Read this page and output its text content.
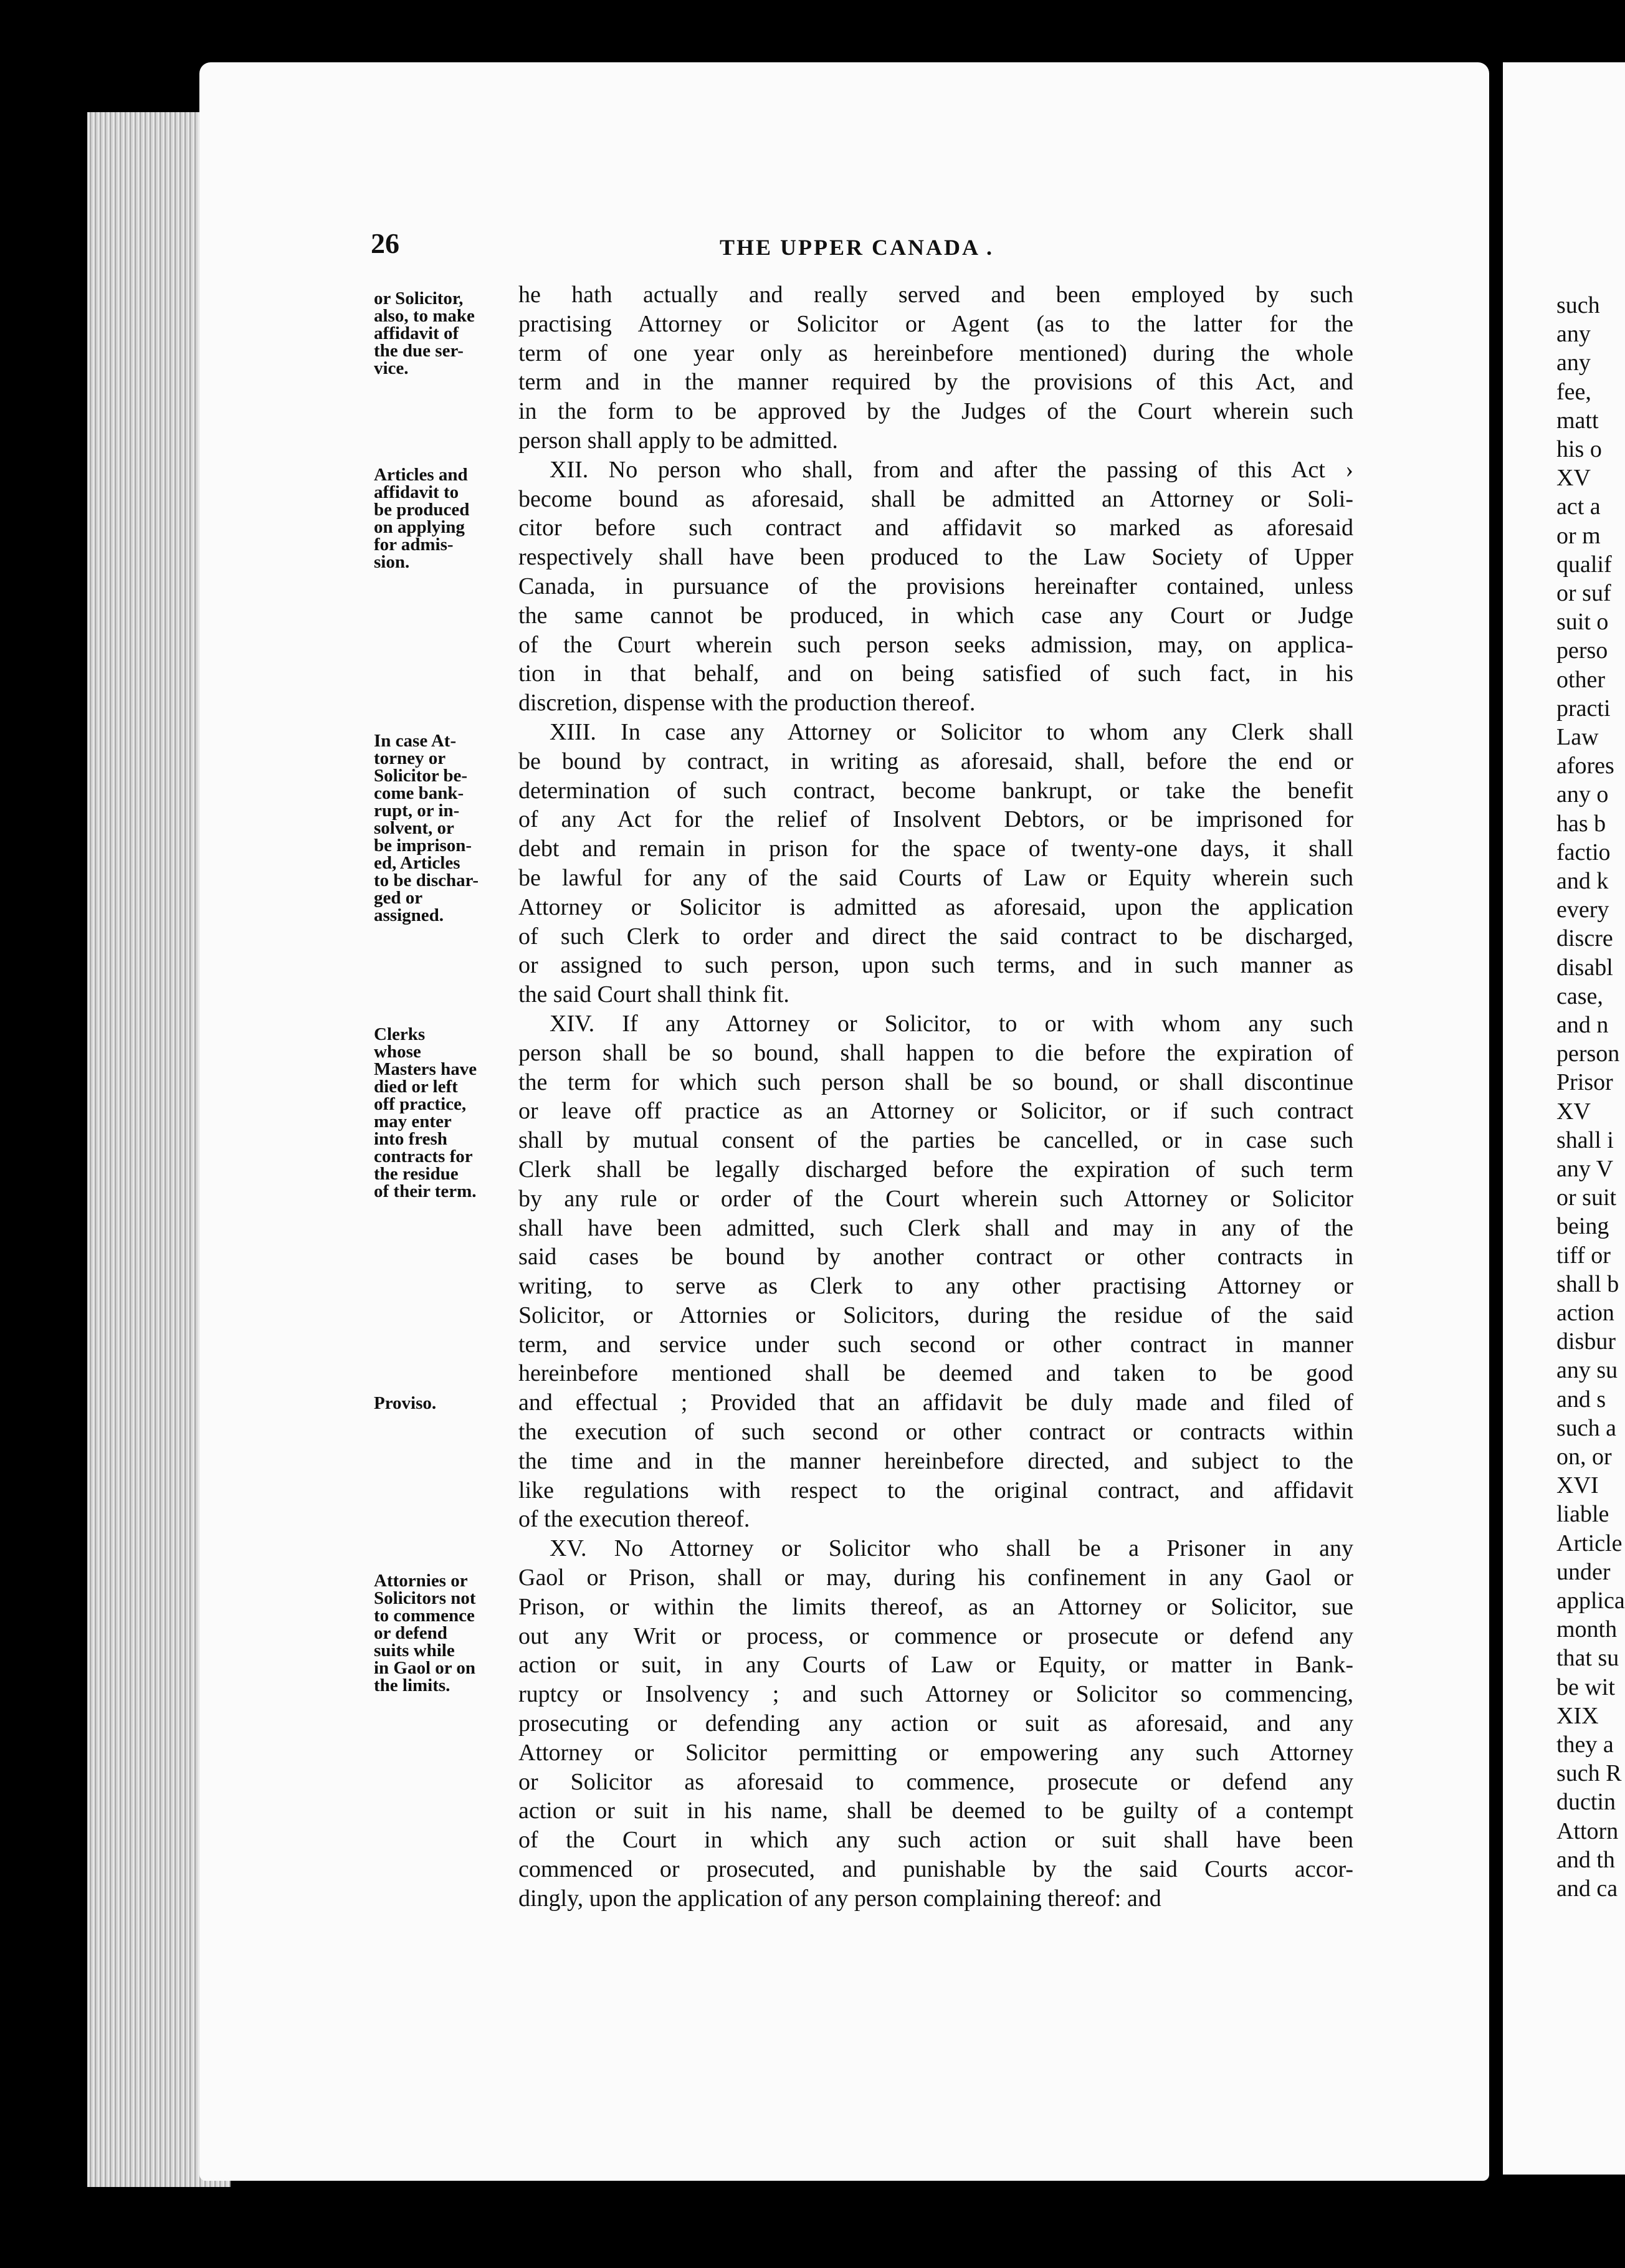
such

any

any

fee,

matt

his o

XV

act a

or m

qualif

or suf

suit o

perso

other

practi

Law

afores

any o

has b

factio

and k

every

discre

disabl

case,

and n

person

Prisor

XV

shall i

any V

or suit

being

tiff or

shall b

action

disbur

any su

and s

such a

on, or

XVI

liable

Article

under

applica

month

that su

be wit

XIX

they a

such R

ductin

Attorn

and th

and ca

26	THE UPPER CANADA .
or Solicitor,
also, to make
affidavit of
the due ser-
vice.
Articles and
affidavit to
be produced
on applying
for admis-
sion.
In case At-
torney or
Solicitor be-
come bank-
rupt, or in-
solvent, or
be imprison-
ed, Articles
to be dischar-
ged or
assigned.
Clerks
whose
Masters have
died or left
off practice,
may enter
into fresh
contracts for
the residue
of their term.
Proviso.
Attornies or
Solicitors not
to commence
or defend
suits while
in Gaol or on
the limits.

he hath actually and really served and been employed by such

practising Attorney or Solicitor or Agent (as to the latter for the

term of one year only as hereinbefore mentioned) during the whole

term and in the manner required by the provisions of this Act, and

in the form to be approved by the Judges of the Court wherein such

person shall apply to be admitted.

XII. No person who shall, from and after the passing of this Act ›

become bound as aforesaid, shall be admitted an Attorney or Soli-

citor before such contract and affidavit so marked as aforesaid

respectively shall have been produced to the Law Society of Upper

Canada, in pursuance of the provisions hereinafter contained, unless

the same cannot be produced, in which case any Court or Judge

of the Cʋurt wherein such person seeks admission, may, on applica-

tion in that behalf, and on being satisfied of such fact, in his

discretion, dispense with the production thereof.

XIII. In case any Attorney or Solicitor to whom any Clerk shall

be bound by contract, in writing as aforesaid, shall, before the end or

determination of such contract, become bankrupt, or take the benefit

of any Act for the relief of Insolvent Debtors, or be imprisoned for

debt and remain in prison for the space of twenty-one days, it shall

be lawful for any of the said Courts of Law or Equity wherein such

Attorney or Solicitor is admitted as aforesaid, upon the application

of such Clerk to order and direct the said contract to be discharged,

or assigned to such person, upon such terms, and in such manner as

the said Court shall think fit.

XIV. If any Attorney or Solicitor, to or with whom any such

person shall be so bound, shall happen to die before the expiration of

the term for which such person shall be so bound, or shall discontinue

or leave off practice as an Attorney or Solicitor, or if such contract

shall by mutual consent of the parties be cancelled, or in case such

Clerk shall be legally discharged before the expiration of such term

by any rule or order of the Court wherein such Attorney or Solicitor

shall have been admitted, such Clerk shall and may in any of the

said cases be bound by another contract or other contracts in

writing, to serve as Clerk to any other practising Attorney or

Solicitor, or Attornies or Solicitors, during the residue of the said

term, and service under such second or other contract in manner

hereinbefore mentioned shall be deemed and taken to be good

and effectual ; Provided that an affidavit be duly made and filed of

the execution of such second or other contract or contracts within

the time and in the manner hereinbefore directed, and subject to the

like regulations with respect to the original contract, and affidavit

of the execution thereof.

XV. No Attorney or Solicitor who shall be a Prisoner in any

Gaol or Prison, shall or may, during his confinement in any Gaol or

Prison, or within the limits thereof, as an Attorney or Solicitor, sue

out any Writ or process, or commence or prosecute or defend any

action or suit, in any Courts of Law or Equity, or matter in Bank-

ruptcy or Insolvency ; and such Attorney or Solicitor so commencing,

prosecuting or defending any action or suit as aforesaid, and any

Attorney or Solicitor permitting or empowering any such Attorney

or Solicitor as aforesaid to commence, prosecute or defend any

action or suit in his name, shall be deemed to be guilty of a contempt

of the Court in which any such action or suit shall have been

commenced or prosecuted, and punishable by the said Courts accor-

dingly, upon the application of any person complaining thereof: and
